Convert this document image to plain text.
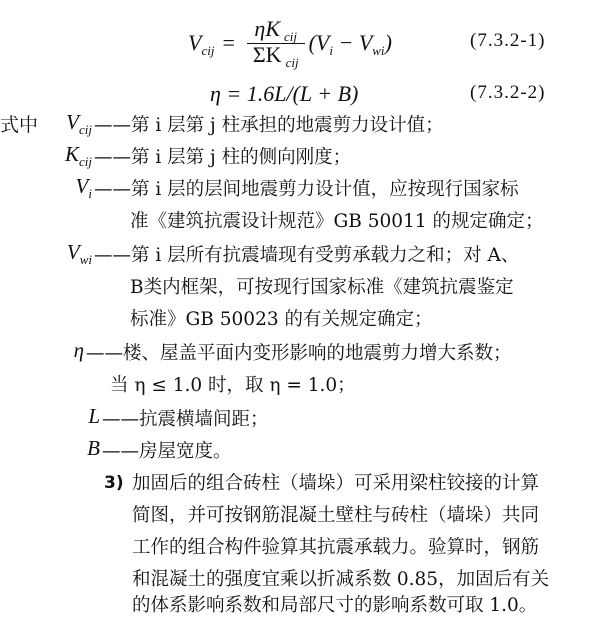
$V_{cij} = \frac{\eta K _{cij}}{\Sigma K _{cij}} (V_i - V_{wi})$	(7.3.2-1)
η = 1.6L/(L + B)	(7.3.2-2)
式中	$V_{cij}$ ——第 i 层第 j 柱承担的地震剪力设计值；
$K_{cij}$ ——第 i 层第 j 柱的侧向刚度；
$V_i$ ——第 i 层的层间地震剪力设计值，应按现行国家标
准《建筑抗震设计规范》GB 50011 的规定确定；
$V_{wi}$ ——第 i 层所有抗震墙现有受剪承载力之和；对 A、
B类内框架，可按现行国家标准《建筑抗震鉴定
标准》GB 50023 的有关规定确定；
η ——楼、屋盖平面内变形影响的地震剪力增大系数；
当 η ≤ 1.0 时，取 η = 1.0；
L ——抗震横墙间距；
B ——房屋宽度。
3) 加固后的组合砖柱（墙垛）可采用梁柱铰接的计算
简图，并可按钢筋混凝土壁柱与砖柱（墙垛）共同
工作的组合构件验算其抗震承载力。验算时，钢筋
和混凝土的强度宜乘以折减系数 0.85，加固后有关
的体系影响系数和局部尺寸的影响系数可取 1.0。
